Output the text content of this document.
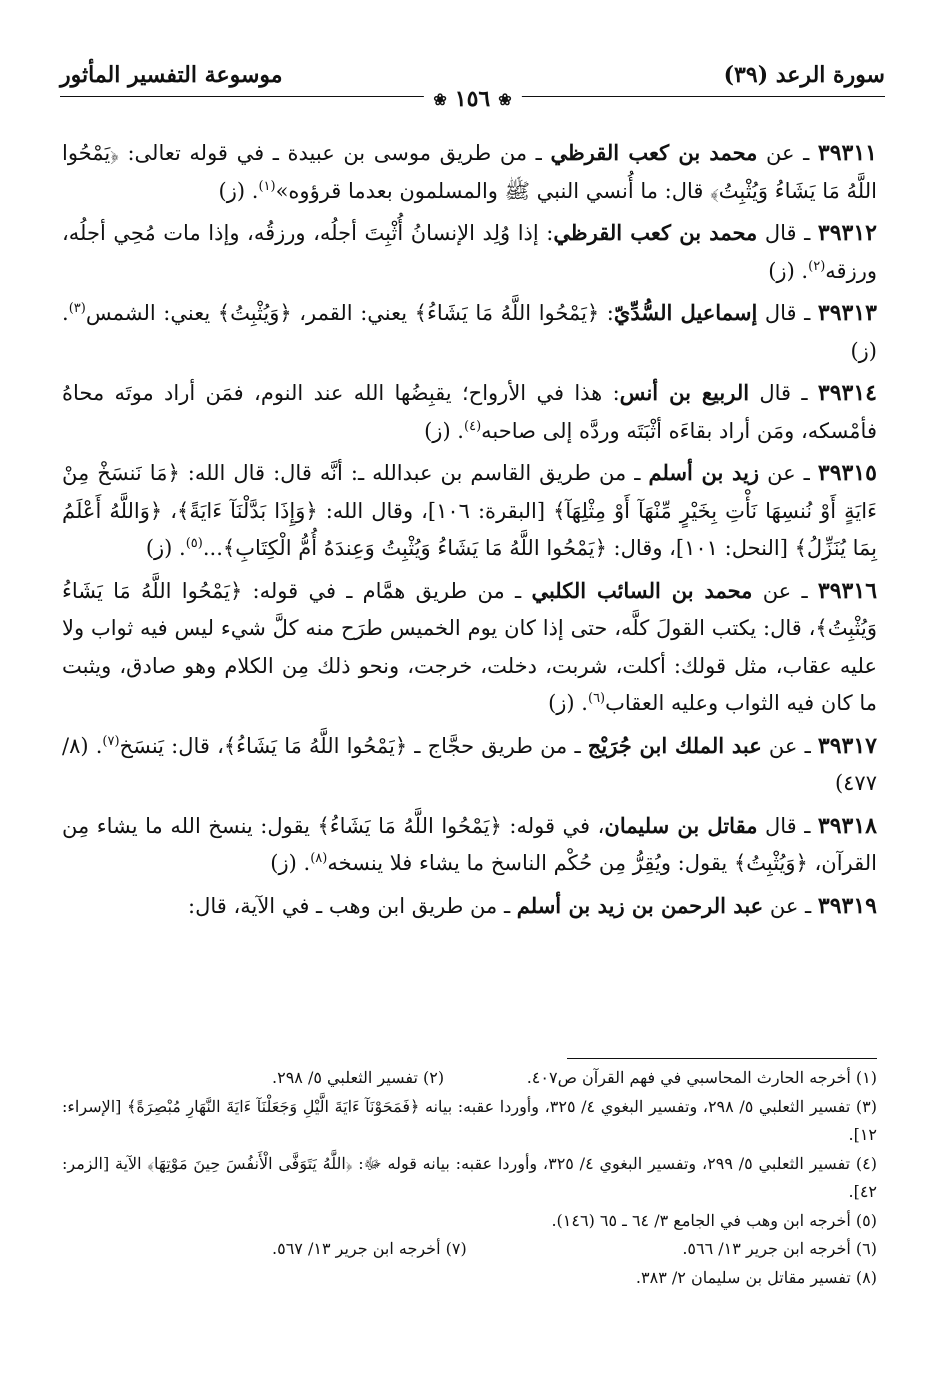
سورة الرعد (٣٩)
موسوعة التفسير المأثور
❀
١٥٦
❀

٣٩٣١١ ـ عن محمد بن كعب القرظي ـ من طريق موسى بن عبيدة ـ في قوله تعالى: ﴿يَمْحُوا اللَّهُ مَا يَشَاءُ وَيُثْبِتُ﴾ قال: ما أُنسي النبي ﷺ والمسلمون بعدما قرؤوه»$^{(١)}$. (ز)

٣٩٣١٢ ـ قال محمد بن كعب القرظي: إذا وُلِد الإنسانُ أُثْبِتَ أجلُه، ورزقُه، وإذا مات مُحِي أجلُه، ورزقه$^{(٢)}$. (ز)

٣٩٣١٣ ـ قال إسماعيل السُّدِّيّ: ﴿يَمْحُوا اللَّهُ مَا يَشَاءُ﴾ يعني: القمر، ﴿وَيُثْبِتُ﴾ يعني: الشمس$^{(٣)}$. (ز)

٣٩٣١٤ ـ قال الربيع بن أنس: هذا في الأرواح؛ يقبِضُها الله عند النوم، فمَن أراد موتَه محاهُ فأمْسكه، ومَن أراد بقاءَه أثْبَتَه وردَّه إلى صاحبه$^{(٤)}$. (ز)

٣٩٣١٥ ـ عن زيد بن أسلم ـ من طريق القاسم بن عبدالله ـ: أنَّه قال: قال الله: ﴿مَا نَنسَخْ مِنْ ءَايَةٍ أَوْ نُنسِهَا نَأْتِ بِخَيْرٍ مِّنْهَآ أَوْ مِثْلِهَآ﴾ [البقرة: ١٠٦]، وقال الله: ﴿وَإِذَا بَدَّلْنَآ ءَايَةً﴾، ﴿وَاللَّهُ أَعْلَمُ بِمَا يُنَزِّلُ﴾ [النحل: ١٠١]، وقال: ﴿يَمْحُوا اللَّهُ مَا يَشَاءُ وَيُثْبِتُ وَعِندَهُ أُمُّ الْكِتَابِ﴾...$^{(٥)}$. (ز)

٣٩٣١٦ ـ عن محمد بن السائب الكلبي ـ من طريق همَّام ـ في قوله: ﴿يَمْحُوا اللَّهُ مَا يَشَاءُ وَيُثْبِتُ﴾، قال: يكتب القولَ كلَّه، حتى إذا كان يوم الخميس طرَح منه كلَّ شيء ليس فيه ثواب ولا عليه عقاب، مثل قولك: أكلت، شربت، دخلت، خرجت، ونحو ذلك مِن الكلام وهو صادق، ويثبت ما كان فيه الثواب وعليه العقاب$^{(٦)}$. (ز)

٣٩٣١٧ ـ عن عبد الملك ابن جُرَيْج ـ من طريق حجَّاج ـ ﴿يَمْحُوا اللَّهُ مَا يَشَاءُ﴾، قال: يَنسَخ$^{(٧)}$. (٨/ ٤٧٧)

٣٩٣١٨ ـ قال مقاتل بن سليمان، في قوله: ﴿يَمْحُوا اللَّهُ مَا يَشَاءُ﴾ يقول: ينسخ الله ما يشاء مِن القرآن، ﴿وَيُثْبِتُ﴾ يقول: ويُقِرُّ مِن حُكْم الناسخ ما يشاء فلا ينسخه$^{(٨)}$. (ز)

٣٩٣١٩ ـ عن عبد الرحمن بن زيد بن أسلم ـ من طريق ابن وهب ـ في الآية، قال:

(١) أخرجه الحارث المحاسبي في فهم القرآن ص٤٠٧.

(٢) تفسير الثعلبي ٥/ ٢٩٨.

(٣) تفسير الثعلبي ٥/ ٢٩٨، وتفسير البغوي ٤/ ٣٢٥، وأوردا عقبه: بيانه ﴿فَمَحَوْنَآ ءَايَةَ الَّيْلِ وَجَعَلْنَآ ءَايَةَ النَّهَارِ مُبْصِرَةً﴾ [الإسراء: ١٢].

(٤) تفسير الثعلبي ٥/ ٢٩٩، وتفسير البغوي ٤/ ٣٢٥، وأوردا عقبه: بيانه قوله ﷻ: ﴿اللَّهُ يَتَوَفَّى الْأَنفُسَ حِينَ مَوْتِهَا﴾ الآية [الزمر: ٤٢].

(٥) أخرجه ابن وهب في الجامع ٣/ ٦٤ ـ ٦٥ (١٤٦).

(٦) أخرجه ابن جرير ١٣/ ٥٦٦.

(٧) أخرجه ابن جرير ١٣/ ٥٦٧.

(٨) تفسير مقاتل بن سليمان ٢/ ٣٨٣.
